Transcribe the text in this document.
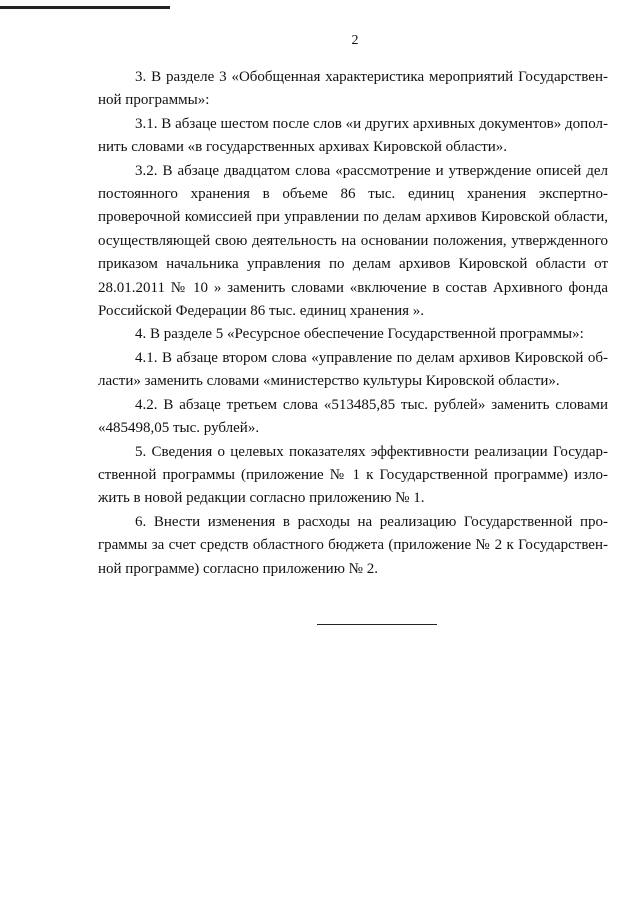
2

3. В разделе 3 «Обобщенная характеристика мероприятий Государственной программы»:

3.1. В абзаце шестом после слов «и других архивных документов» дополнить словами «в государственных архивах Кировской области».

3.2. В абзаце двадцатом слова «рассмотрение и утверждение описей дел постоянного хранения в объеме 86 тыс. единиц хранения экспертно-проверочной комиссией при управлении по делам архивов Кировской области, осуществляющей свою деятельность на основании положения, утвержденного приказом начальника управления по делам архивов Кировской области от 28.01.2011 № 10 » заменить словами «включение в состав Архивного фонда Российской Федерации 86 тыс. единиц хранения ».

4. В разделе 5 «Ресурсное обеспечение Государственной программы»:

4.1. В абзаце втором слова «управление по делам архивов Кировской области» заменить словами «министерство культуры Кировской области».

4.2. В абзаце третьем слова «513485,85 тыс. рублей» заменить словами «485498,05 тыс. рублей».

5. Сведения о целевых показателях эффективности реализации Государственной программы (приложение № 1 к Государственной программе) изложить в новой редакции согласно приложению № 1.

6. Внести изменения в расходы на реализацию Государственной программы за счет средств областного бюджета (приложение № 2 к Государственной программе) согласно приложению № 2.
